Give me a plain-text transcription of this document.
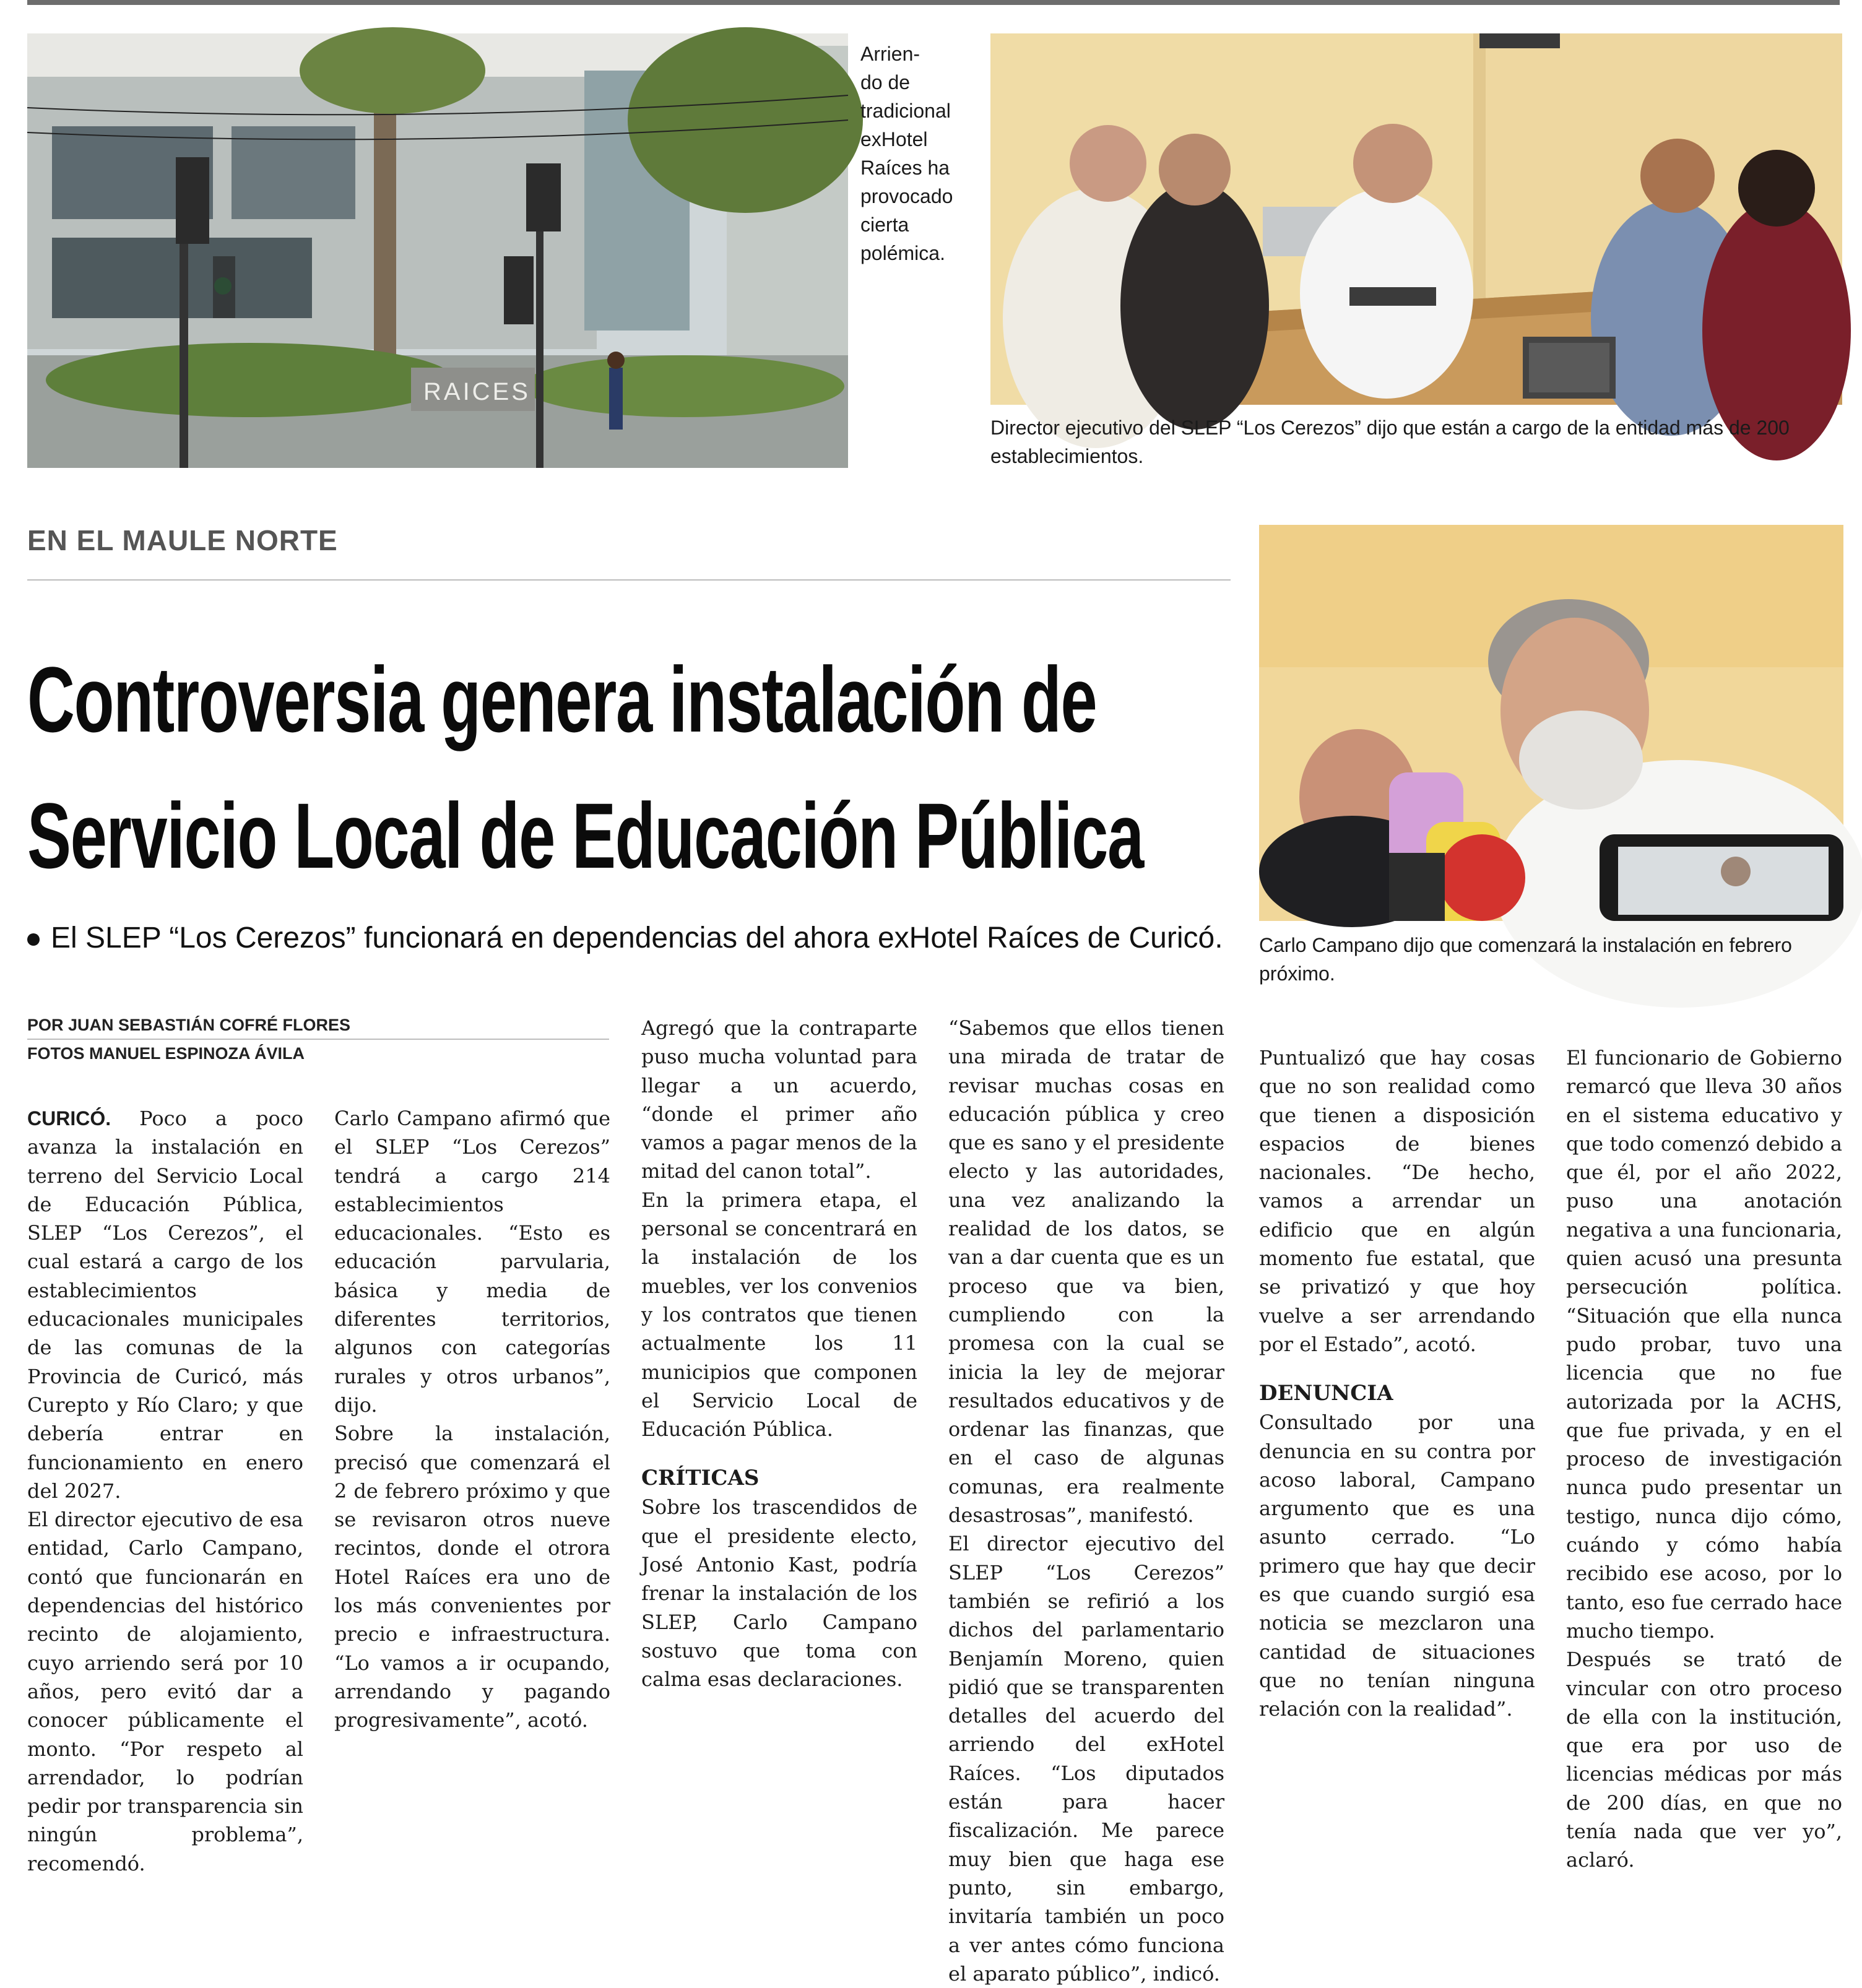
RAICES
Arrien-
do de
tradicional
exHotel
Raíces ha
provocado
cierta
polémica.
Director ejecutivo del SLEP “Los Cerezos” dijo que están a cargo de la entidad más de 200 establecimientos.
EN EL MAULE NORTE
Controversia genera instalación de
Servicio Local de Educación Pública
El SLEP “Los Cerezos” funcionará en dependencias del ahora exHotel Raíces de Curicó.	Carlo Campano dijo que comenzará la instalación en febrero próximo.
POR JUAN SEBASTIÁN COFRÉ FLORES
FOTOS MANUEL ESPINOZA ÁVILA

CURICÓ. Poco a poco avanza la instalación en terreno del Servicio Local de Educación Pública, SLEP “Los Cerezos”, el cual estará a cargo de los establecimientos educacionales municipales de las comunas de la Provincia de Curicó, más Curepto y Río Claro; y que debería entrar en funcionamiento en enero del 2027.

El director ejecutivo de esa entidad, Carlo Campano, contó que funcionarán en dependencias del histórico recinto de alojamiento, cuyo arriendo será por 10 años, pero evitó dar a conocer públicamente el monto. “Por respeto al arrendador, lo podrían pedir por transparencia sin ningún problema”, recomendó.

Carlo Campano afirmó que el SLEP “Los Cerezos” tendrá a cargo 214 establecimientos educacionales. “Esto es educación parvularia, básica y media de diferentes territorios, algunos con categorías rurales y otros urbanos”, dijo.

Sobre la instalación, precisó que comenzará el 2 de febrero próximo y que se revisaron otros nueve recintos, donde el otrora Hotel Raíces era uno de los más convenientes por precio e infraestructura. “Lo vamos a ir ocupando, arrendando y pagando progresivamente”, acotó.

Agregó que la contraparte puso mucha voluntad para llegar a un acuerdo, “donde el primer año vamos a pagar menos de la mitad del canon total”.

En la primera etapa, el personal se concentrará en la instalación de los muebles, ver los convenios y los contratos que tienen actualmente los 11 municipios que componen el Servicio Local de Educación Pública.

CRÍTICAS

Sobre los trascendidos de que el presidente electo, José Antonio Kast, podría frenar la instalación de los SLEP, Carlo Campano sostuvo que toma con calma esas declaraciones.

“Sabemos que ellos tienen una mirada de tratar de revisar muchas cosas en educación pública y creo que es sano y el presidente electo y las autoridades, una vez analizando la realidad de los datos, se van a dar cuenta que es un proceso que va bien, cumpliendo con la promesa con la cual se inicia la ley de mejorar resultados educativos y de ordenar las finanzas, que en el caso de algunas comunas, era realmente desastrosas”, manifestó.

El director ejecutivo del SLEP “Los Cerezos” también se refirió a los dichos del parlamentario Benjamín Moreno, quien pidió que se transparenten detalles del acuerdo del arriendo del exHotel Raíces. “Los diputados están para hacer fiscalización. Me parece muy bien que haga ese punto, sin embargo, invitaría también un poco a ver antes cómo funciona el aparato público”, indicó.

Puntualizó que hay cosas que no son realidad como que tienen a disposición espacios de bienes nacionales. “De hecho, vamos a arrendar un edificio que en algún momento fue estatal, que se privatizó y que hoy vuelve a ser arrendando por el Estado”, acotó.

DENUNCIA

Consultado por una denuncia en su contra por acoso laboral, Campano argumento que es una asunto cerrado. “Lo primero que hay que decir es que cuando surgió esa noticia se mezclaron una cantidad de situaciones que no tenían ninguna relación con la realidad”.

El funcionario de Gobierno remarcó que lleva 30 años en el sistema educativo y que todo comenzó debido a que él, por el año 2022, puso una anotación negativa a una funcionaria, quien acusó una presunta persecución política. “Situación que ella nunca pudo probar, tuvo una licencia que no fue autorizada por la ACHS, que fue privada, y en el proceso de investigación nunca pudo presentar un testigo, nunca dijo cómo, cuándo y cómo había recibido ese acoso, por lo tanto, eso fue cerrado hace mucho tiempo.

Después se trató de vincular con otro proceso de ella con la institución, que era por uso de licencias médicas por más de 200 días, en que no tenía nada que ver yo”, aclaró.
